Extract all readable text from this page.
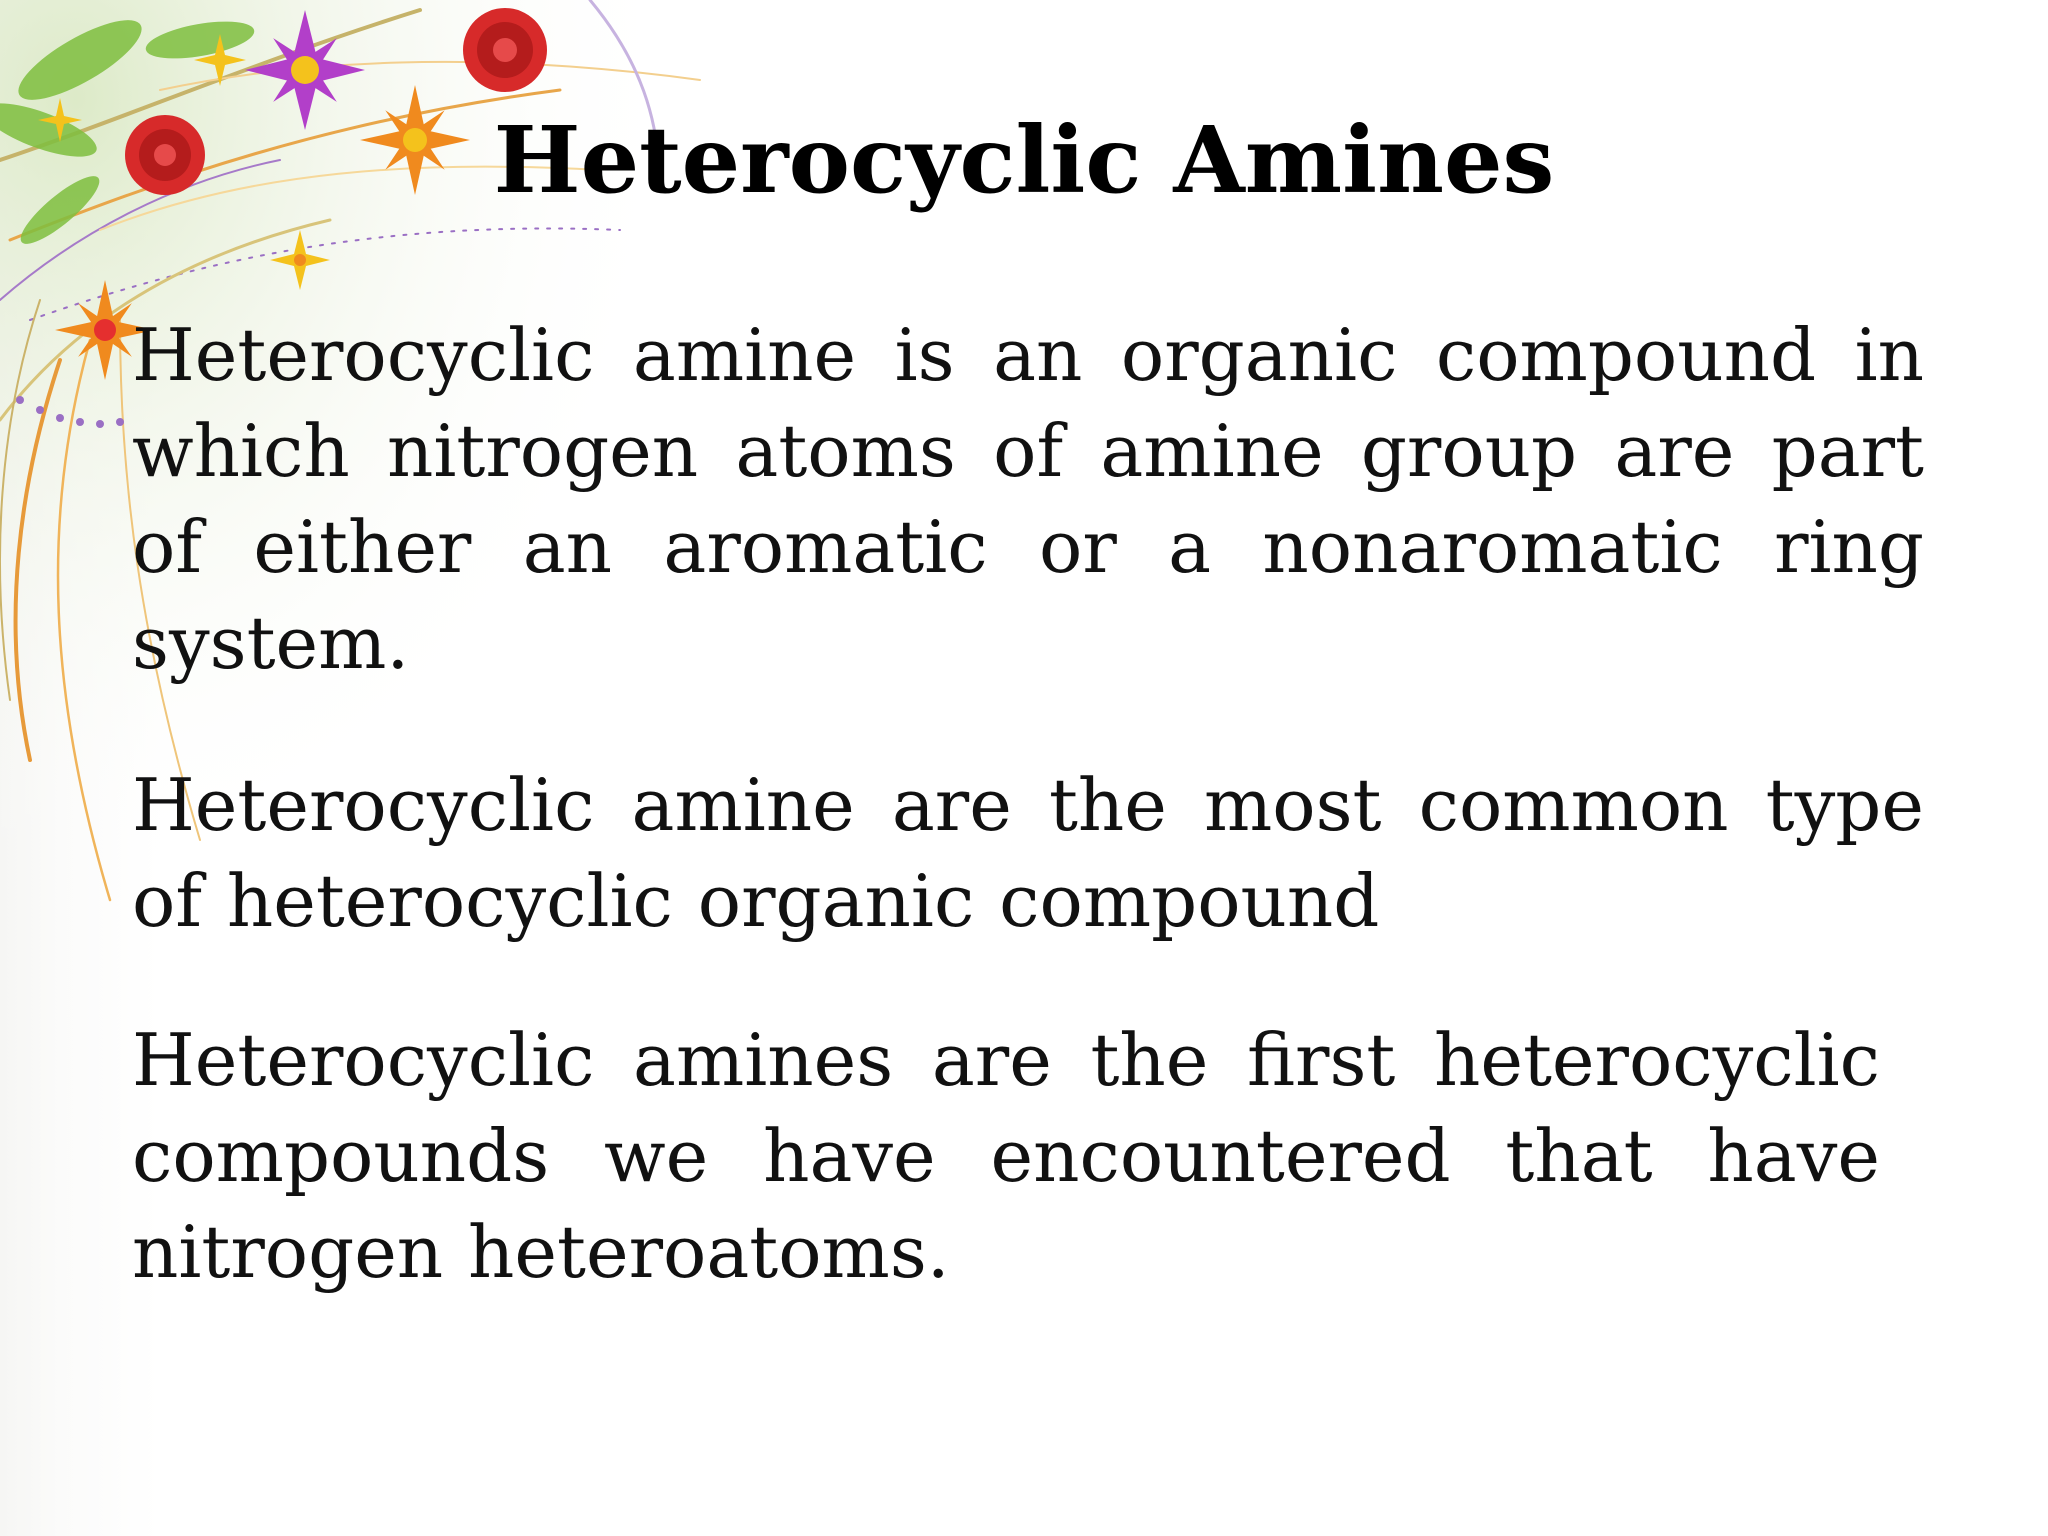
Heterocyclic Amines

Heterocyclic amine is an organic compound in which nitrogen atoms of amine group are part of either an aromatic or a nonaromatic ring system.

Heterocyclic amine are the most common type of heterocyclic organic compound

Heterocyclic amines are the first heterocyclic compounds we have encountered that have nitrogen heteroatoms.
